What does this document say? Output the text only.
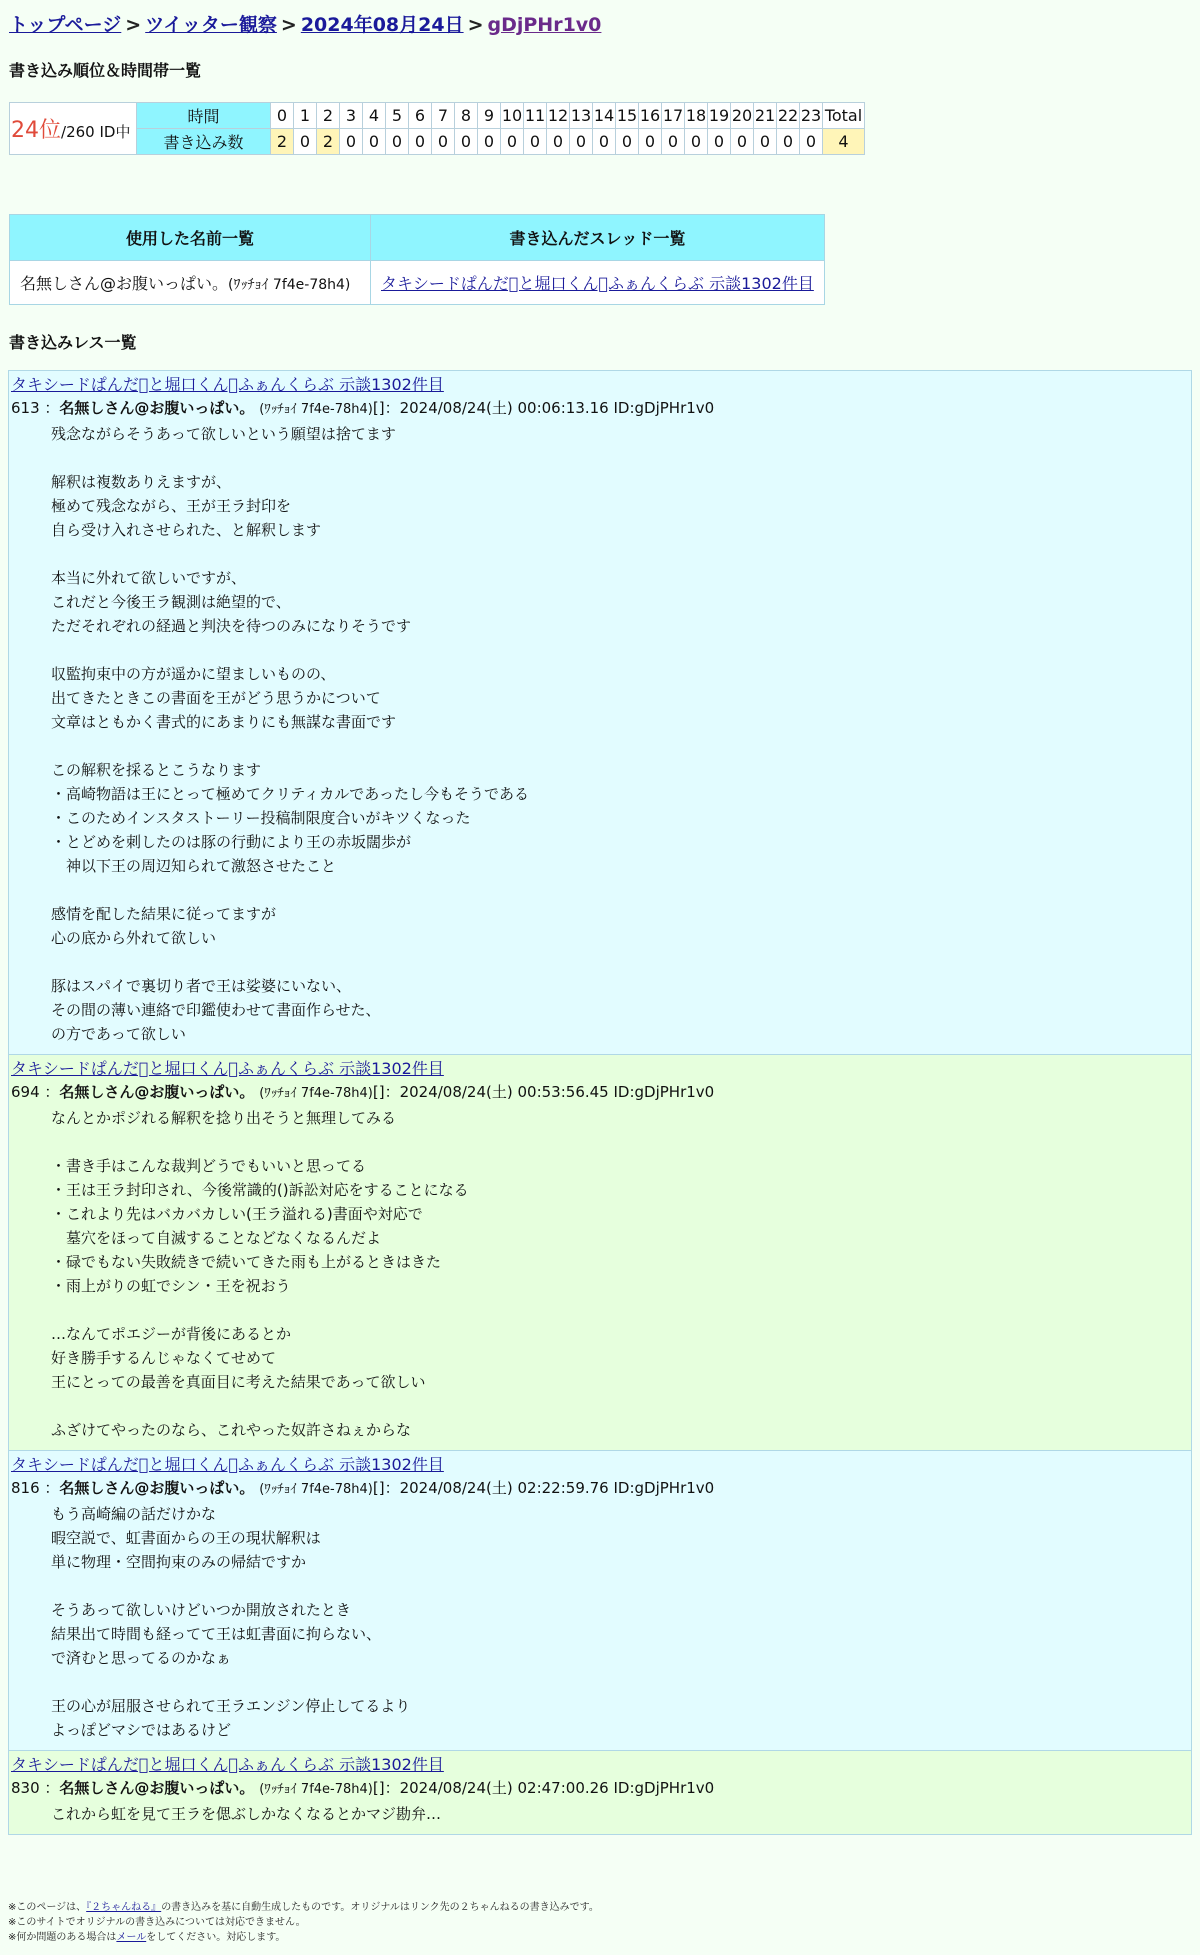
トップページ > ツイッター観察 > 2024年08月24日 > gDjPHr1v0
書き込み順位＆時間帯一覧
24位/260 ID中	時間	0	1	2	3	4	5	6	7	8	9	10	11	12	13	14	15	16	17	18	19	20	21	22	23	Total
	書き込み数	2	0	2	0	0	0	0	0	0	0	0	0	0	0	0	0	0	0	0	0	0	0	0	0	4
使用した名前一覧	書き込んだスレッド一覧
名無しさん@お腹いっぱい。(ﾜｯﾁｮｲ 7f4e-78h4)	タキシードぱんだ と堀口くん ふぁんくらぶ 示談1302件目
書き込みレス一覧
タキシードぱんだ と堀口くん ふぁんくらぶ 示談1302件目
613 ：名無しさん@お腹いっぱい。 (ﾜｯﾁｮｲ 7f4e-78h4)[]：2024/08/24(土) 00:06:13.16 ID:gDjPHr1v0
残念ながらそうあって欲しいという願望は捨てます

解釈は複数ありえますが、
極めて残念ながら、王が王ラ封印を
自ら受け入れさせられた、と解釈します

本当に外れて欲しいですが、
これだと今後王ラ観測は絶望的で、
ただそれぞれの経過と判決を待つのみになりそうです

収監拘束中の方が遥かに望ましいものの、
出てきたときこの書面を王がどう思うかについて
文章はともかく書式的にあまりにも無謀な書面です

この解釈を採るとこうなります
・高崎物語は王にとって極めてクリティカルであったし今もそうである
・このためインスタストーリー投稿制限度合いがキツくなった
・とどめを刺したのは豚の行動により王の赤坂闊歩が
　神以下王の周辺知られて激怒させたこと

感情を配した結果に従ってますが
心の底から外れて欲しい

豚はスパイで裏切り者で王は娑婆にいない、
その間の薄い連絡で印鑑使わせて書面作らせた、
の方であって欲しい
タキシードぱんだ と堀口くん ふぁんくらぶ 示談1302件目
694 ：名無しさん@お腹いっぱい。 (ﾜｯﾁｮｲ 7f4e-78h4)[]：2024/08/24(土) 00:53:56.45 ID:gDjPHr1v0
なんとかポジれる解釈を捻り出そうと無理してみる

・書き手はこんな裁判どうでもいいと思ってる
・王は王ラ封印され、今後常識的()訴訟対応をすることになる
・これより先はバカバカしい(王ラ溢れる)書面や対応で
　墓穴をほって自滅することなどなくなるんだよ
・碌でもない失敗続きで続いてきた雨も上がるときはきた
・雨上がりの虹でシン・王を祝おう

…なんてポエジーが背後にあるとか
好き勝手するんじゃなくてせめて
王にとっての最善を真面目に考えた結果であって欲しい

ふざけてやったのなら、これやった奴許さねぇからな
タキシードぱんだ と堀口くん ふぁんくらぶ 示談1302件目
816 ：名無しさん@お腹いっぱい。 (ﾜｯﾁｮｲ 7f4e-78h4)[]：2024/08/24(土) 02:22:59.76 ID:gDjPHr1v0
もう高崎編の話だけかな
暇空説で、虹書面からの王の現状解釈は
単に物理・空間拘束のみの帰結ですか

そうあって欲しいけどいつか開放されたとき
結果出て時間も経ってて王は虹書面に拘らない、
で済むと思ってるのかなぁ

王の心が屈服させられて王ラエンジン停止してるより
よっぽどマシではあるけど
タキシードぱんだ と堀口くん ふぁんくらぶ 示談1302件目
830 ：名無しさん@お腹いっぱい。 (ﾜｯﾁｮｲ 7f4e-78h4)[]：2024/08/24(土) 02:47:00.26 ID:gDjPHr1v0
これから虹を見て王ラを偲ぶしかなくなるとかマジ勘弁…
※このページは、『２ちゃんねる』の書き込みを基に自動生成したものです。オリジナルはリンク先の２ちゃんねるの書き込みです。
※このサイトでオリジナルの書き込みについては対応できません。
※何か問題のある場合はメールをしてください。対応します。
